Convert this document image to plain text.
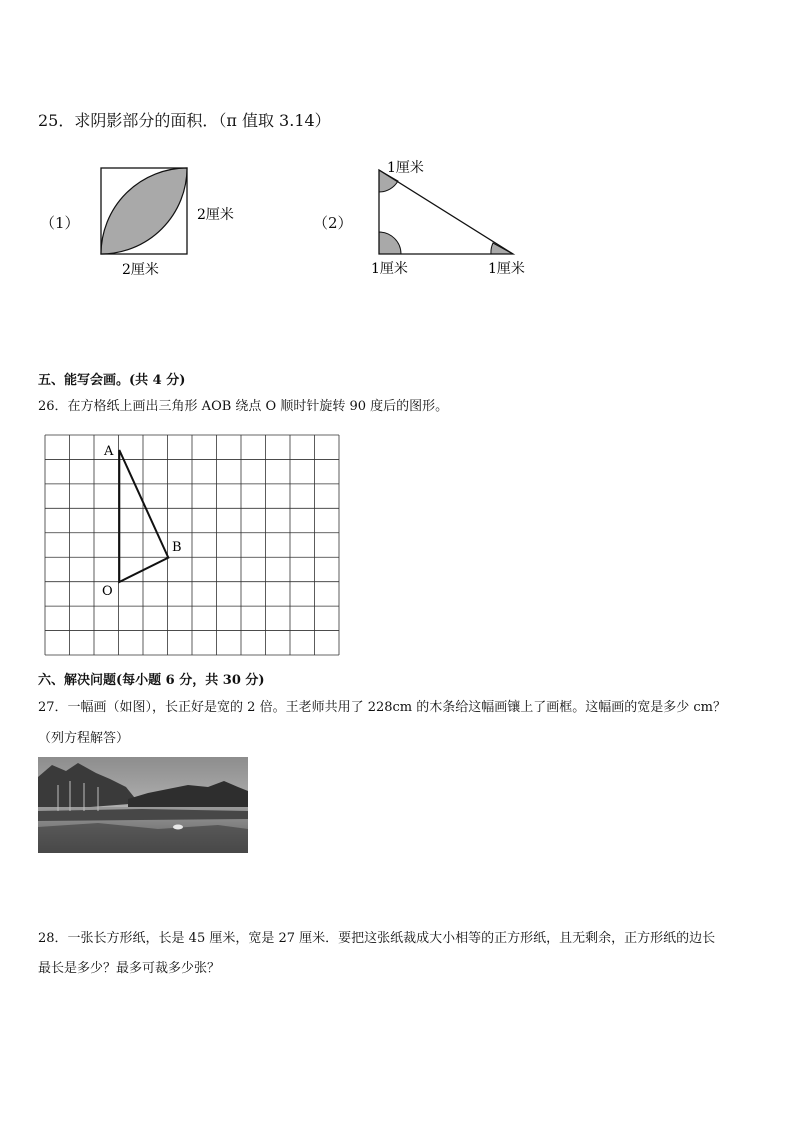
25．求阴影部分的面积．（π 值取 3.14）
（1）	2厘米
2厘米
（2）
1厘米
1厘米	1厘米
五、能写会画。(共 4 分)
26．在方格纸上画出三角形 AOB 绕点 O 顺时针旋转 90 度后的图形。
A
B
O
六、解决问题(每小题 6 分，共 30 分)
27．一幅画（如图），长正好是宽的 2 倍。王老师共用了 228cm 的木条给这幅画镶上了画框。这幅画的宽是多少 cm？
（列方程解答）
28．一张长方形纸，长是 45 厘米，宽是 27 厘米．要把这张纸裁成大小相等的正方形纸，且无剩余，正方形纸的边长
最长是多少？最多可裁多少张？
